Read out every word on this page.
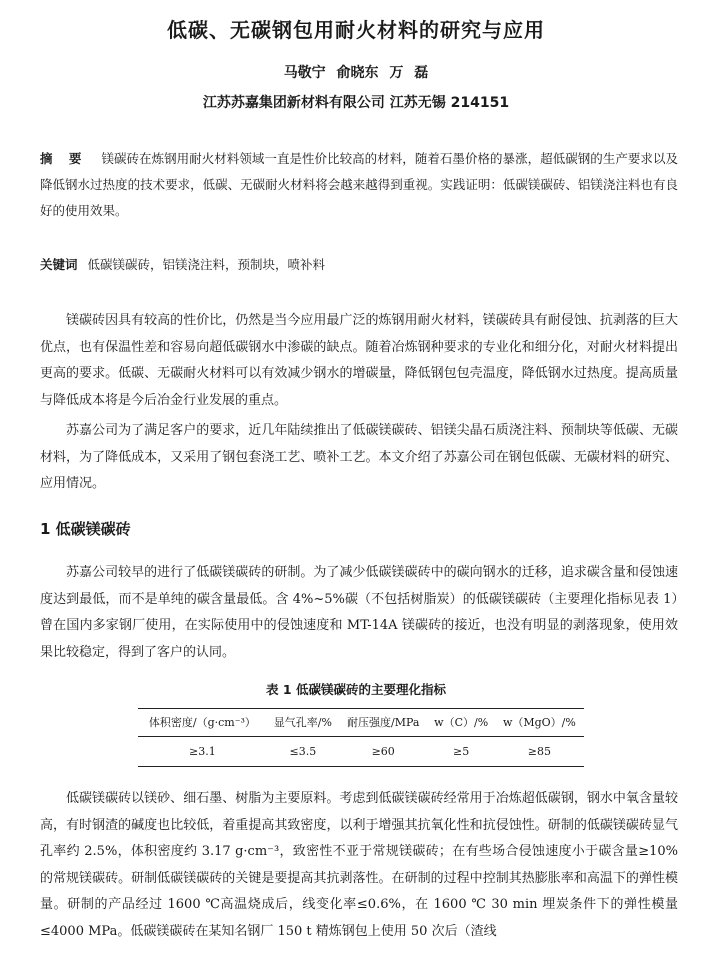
低碳、无碳钢包用耐火材料的研究与应用
马敬宁 俞晓东 万 磊
江苏苏嘉集团新材料有限公司 江苏无锡 214151
摘 要 镁碳砖在炼钢用耐火材料领域一直是性价比较高的材料，随着石墨价格的暴涨，超低碳钢的生产要求以及降低钢水过热度的技术要求，低碳、无碳耐火材料将会越来越得到重视。实践证明：低碳镁碳砖、铝镁浇注料也有良好的使用效果。
关键词 低碳镁碳砖，铝镁浇注料，预制块，喷补料

镁碳砖因具有较高的性价比，仍然是当今应用最广泛的炼钢用耐火材料，镁碳砖具有耐侵蚀、抗剥落的巨大优点，也有保温性差和容易向超低碳钢水中渗碳的缺点。随着冶炼钢种要求的专业化和细分化，对耐火材料提出更高的要求。低碳、无碳耐火材料可以有效减少钢水的增碳量，降低钢包包壳温度，降低钢水过热度。提高质量与降低成本将是今后冶金行业发展的重点。

苏嘉公司为了满足客户的要求，近几年陆续推出了低碳镁碳砖、铝镁尖晶石质浇注料、预制块等低碳、无碳材料，为了降低成本，又采用了钢包套浇工艺、喷补工艺。本文介绍了苏嘉公司在钢包低碳、无碳材料的研究、应用情况。

1 低碳镁碳砖

苏嘉公司较早的进行了低碳镁碳砖的研制。为了减少低碳镁碳砖中的碳向钢水的迁移，追求碳含量和侵蚀速度达到最低，而不是单纯的碳含量最低。含 4%~5%碳（不包括树脂炭）的低碳镁碳砖（主要理化指标见表 1）曾在国内多家钢厂使用，在实际使用中的侵蚀速度和 MT-14A 镁碳砖的接近，也没有明显的剥落现象，使用效果比较稳定，得到了客户的认同。

表 1 低碳镁碳砖的主要理化指标
体积密度/（g·cm⁻³）	显气孔率/%	耐压强度/MPa	w（C）/%	w（MgO）/%
≥3.1	≤3.5	≥60	≥5	≥85

低碳镁碳砖以镁砂、细石墨、树脂为主要原料。考虑到低碳镁碳砖经常用于冶炼超低碳钢，钢水中氧含量较高，有时钢渣的碱度也比较低，着重提高其致密度，以利于增强其抗氧化性和抗侵蚀性。研制的低碳镁碳砖显气孔率约 2.5%，体积密度约 3.17 g·cm⁻³，致密性不亚于常规镁碳砖；在有些场合侵蚀速度小于碳含量≥10%的常规镁碳砖。研制低碳镁碳砖的关键是要提高其抗剥落性。在研制的过程中控制其热膨胀率和高温下的弹性模量。研制的产品经过 1600 ℃高温烧成后，线变化率≤0.6%，在 1600 ℃ 30 min 埋炭条件下的弹性模量≤4000 MPa。低碳镁碳砖在某知名钢厂 150 t 精炼钢包上使用 50 次后（渣线
